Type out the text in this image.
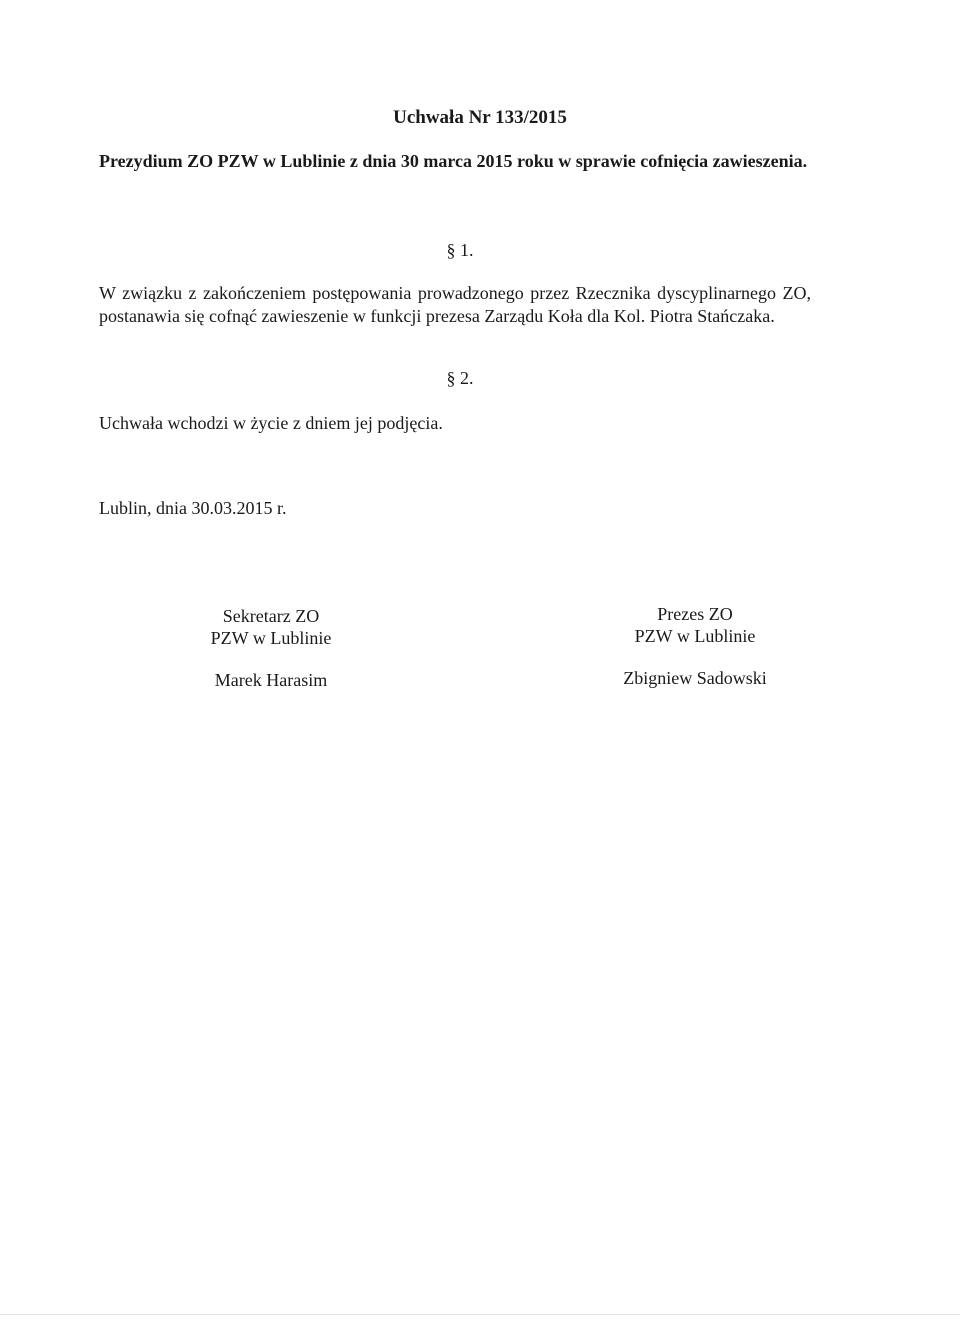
Uchwała Nr 133/2015
Prezydium ZO PZW w Lublinie z dnia 30 marca 2015 roku w sprawie cofnięcia zawieszenia.
§ 1.
W związku z zakończeniem postępowania prowadzonego przez Rzecznika dyscyplinarnego ZO, postanawia się cofnąć zawieszenie w funkcji prezesa Zarządu Koła dla Kol. Piotra Stańczaka.
§ 2.
Uchwała wchodzi w życie z dniem jej podjęcia.
Lublin, dnia 30.03.2015 r.
Sekretarz ZO
PZW w Lublinie
Marek Harasim
Prezes ZO
PZW w Lublinie
Zbigniew Sadowski
